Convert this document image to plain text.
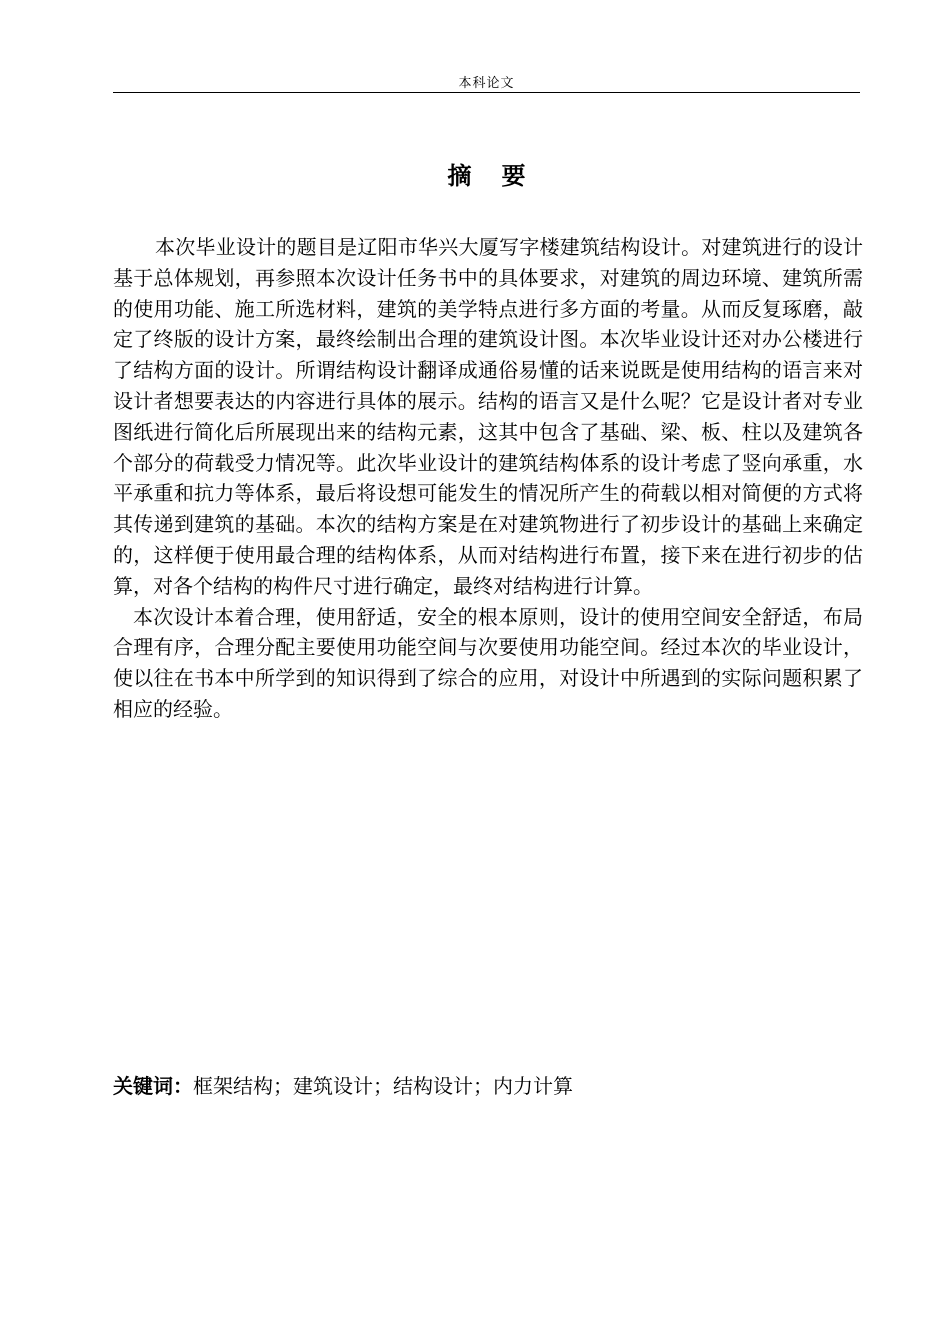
本科论文
摘要

本次毕业设计的题目是辽阳市华兴大厦写字楼建筑结构设计。对建筑进行的设计基于总体规划，再参照本次设计任务书中的具体要求，对建筑的周边环境、建筑所需的使用功能、施工所选材料，建筑的美学特点进行多方面的考量。从而反复琢磨，敲定了终版的设计方案，最终绘制出合理的建筑设计图。本次毕业设计还对办公楼进行了结构方面的设计。所谓结构设计翻译成通俗易懂的话来说既是使用结构的语言来对设计者想要表达的内容进行具体的展示。结构的语言又是什么呢？它是设计者对专业图纸进行简化后所展现出来的结构元素，这其中包含了基础、梁、板、柱以及建筑各个部分的荷载受力情况等。此次毕业设计的建筑结构体系的设计考虑了竖向承重，水平承重和抗力等体系，最后将设想可能发生的情况所产生的荷载以相对简便的方式将其传递到建筑的基础。本次的结构方案是在对建筑物进行了初步设计的基础上来确定的，这样便于使用最合理的结构体系，从而对结构进行布置，接下来在进行初步的估算，对各个结构的构件尺寸进行确定，最终对结构进行计算。

本次设计本着合理，使用舒适，安全的根本原则，设计的使用空间安全舒适，布局合理有序，合理分配主要使用功能空间与次要使用功能空间。经过本次的毕业设计，使以往在书本中所学到的知识得到了综合的应用，对设计中所遇到的实际问题积累了相应的经验。

关键词：框架结构；建筑设计；结构设计；内力计算
